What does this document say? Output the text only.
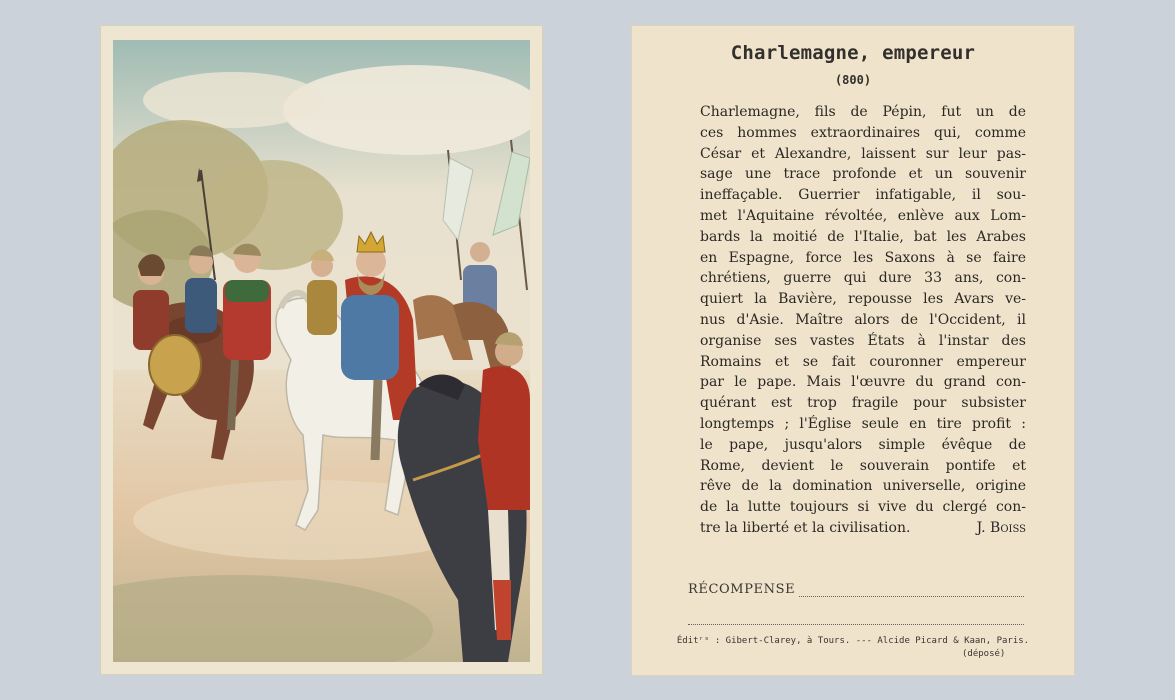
Charlemagne, empereur
(800)
Charlemagne, fils de Pépin, fut un de
ces hommes extraordinaires qui, comme
César et Alexandre, laissent sur leur pas-
sage une trace profonde et un souvenir
ineffaçable. Guerrier infatigable, il sou-
met l'Aquitaine révoltée, enlève aux Lom-
bards la moitié de l'Italie, bat les Arabes
en Espagne, force les Saxons à se faire
chrétiens, guerre qui dure 33 ans, con-
quiert la Bavière, repousse les Avars ve-
nus d'Asie. Maître alors de l'Occident, il
organise ses vastes États à l'instar des
Romains et se fait couronner empereur
par le pape. Mais l'œuvre du grand con-
quérant est trop fragile pour subsister
longtemps ; l'Église seule en tire profit :
le pape, jusqu'alors simple évêque de
Rome, devient le souverain pontife et
rêve de la domination universelle, origine
de la lutte toujours si vive du clergé con-
tre la liberté et la civilisation.	J. Boiss
RÉCOMPENSE
Éditʳˢ : Gibert-Clarey, à Tours. --- Alcide Picard & Kaan, Paris.
(déposé)
